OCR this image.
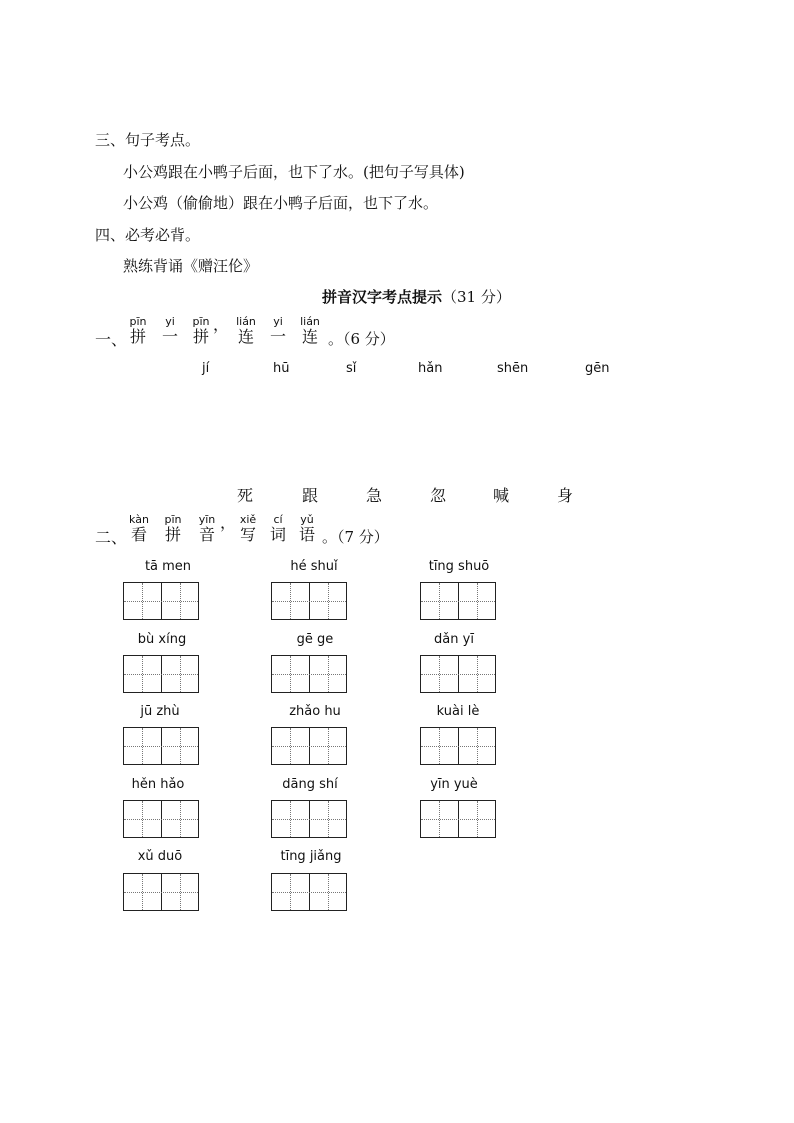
三、句子考点。
小公鸡跟在小鸭子后面，也下了水。(把句子写具体)
小公鸡（偷偷地）跟在小鸭子后面，也下了水。
四、必考必背。
熟练背诵《赠汪伦》
拼音汉字考点提示（31 分）
一、
pīn
拼
yi
一
pīn
拼
， lián
连
yi
一
lián
连 。（6 分）
jí	hū	sǐ	hǎn	shēn	gēn
死	跟	急	忽	喊	身
二、
kàn
看
pīn
拼
yīn
音
， xiě
写
cí
词
yǔ
语 。（7 分）
tā men	hé shuǐ	tīng shuō
bù xíng	gē ge	dǎn yī
jū zhù	zhǎo hu	kuài lè
hěn hǎo	dāng shí	yīn yuè
xǔ duō	tīng jiǎng
